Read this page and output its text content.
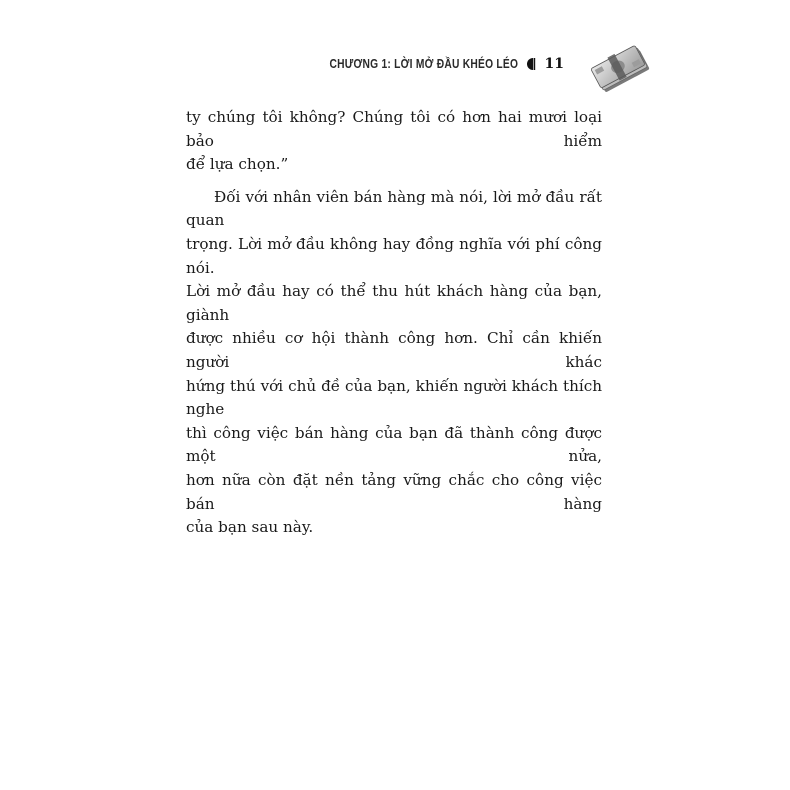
CHƯƠNG 1: LỜI MỞ ĐẦU KHÉO LÉO 11

ty chúng tôi không? Chúng tôi có hơn hai mươi loại bảo hiểm
để lựa chọn.”

Đối với nhân viên bán hàng mà nói, lời mở đầu rất quan
trọng. Lời mở đầu không hay đồng nghĩa với phí công nói.
Lời mở đầu hay có thể thu hút khách hàng của bạn, giành
được nhiều cơ hội thành công hơn. Chỉ cần khiến người khác
hứng thú với chủ đề của bạn, khiến người khách thích nghe
thì công việc bán hàng của bạn đã thành công được một nửa,
hơn nữa còn đặt nền tảng vững chắc cho công việc bán hàng
của bạn sau này.
